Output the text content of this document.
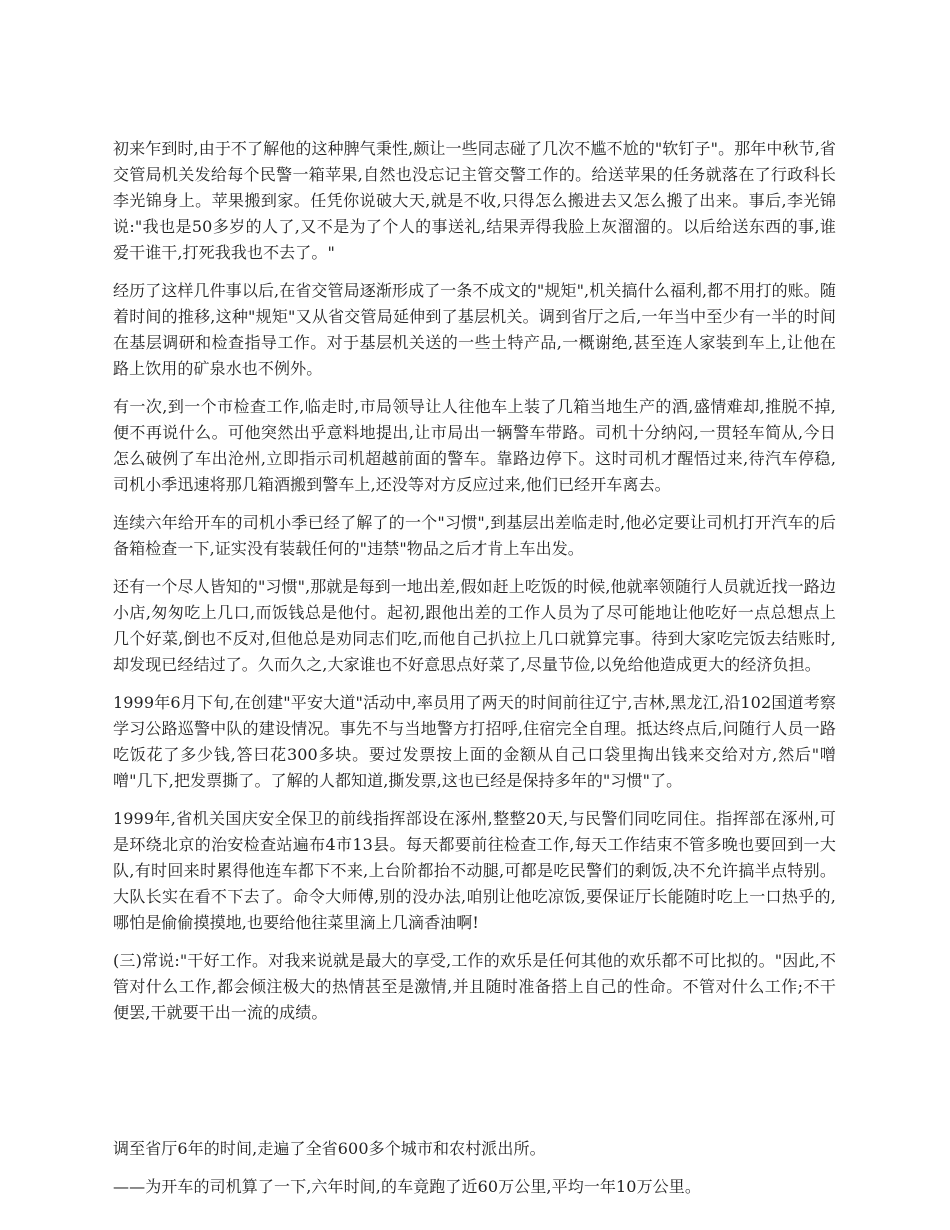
初来乍到时,由于不了解他的这种脾气秉性,颇让一些同志碰了几次不尴不尬的"软钉子"。那年中秋节,省交管局机关发给每个民警一箱苹果,自然也没忘记主管交警工作的。给送苹果的任务就落在了行政科长李光锦身上。苹果搬到家。任凭你说破大天,就是不收,只得怎么搬进去又怎么搬了出来。事后,李光锦说:"我也是50多岁的人了,又不是为了个人的事送礼,结果弄得我脸上灰溜溜的。以后给送东西的事,谁爱干谁干,打死我我也不去了。"

经历了这样几件事以后,在省交管局逐渐形成了一条不成文的"规矩",机关搞什么福利,都不用打的账。随着时间的推移,这种"规矩"又从省交管局延伸到了基层机关。调到省厅之后,一年当中至少有一半的时间在基层调研和检查指导工作。对于基层机关送的一些土特产品,一概谢绝,甚至连人家装到车上,让他在路上饮用的矿泉水也不例外。

有一次,到一个市检查工作,临走时,市局领导让人往他车上装了几箱当地生产的酒,盛情难却,推脱不掉,便不再说什么。可他突然出乎意料地提出,让市局出一辆警车带路。司机十分纳闷,一贯轻车简从,今日怎么破例了车出沧州,立即指示司机超越前面的警车。靠路边停下。这时司机才醒悟过来,待汽车停稳,司机小季迅速将那几箱酒搬到警车上,还没等对方反应过来,他们已经开车离去。

连续六年给开车的司机小季已经了解了的一个"习惯",到基层出差临走时,他必定要让司机打开汽车的后备箱检查一下,证实没有装载任何的"违禁"物品之后才肯上车出发。

还有一个尽人皆知的"习惯",那就是每到一地出差,假如赶上吃饭的时候,他就率领随行人员就近找一路边小店,匆匆吃上几口,而饭钱总是他付。起初,跟他出差的工作人员为了尽可能地让他吃好一点总想点上几个好菜,倒也不反对,但他总是劝同志们吃,而他自己扒拉上几口就算完事。待到大家吃完饭去结账时,却发现已经结过了。久而久之,大家谁也不好意思点好菜了,尽量节俭,以免给他造成更大的经济负担。

1999年6月下旬,在创建"平安大道"活动中,率员用了两天的时间前往辽宁,吉林,黑龙江,沿102国道考察学习公路巡警中队的建设情况。事先不与当地警方打招呼,住宿完全自理。抵达终点后,问随行人员一路吃饭花了多少钱,答曰花300多块。要过发票按上面的金额从自己口袋里掏出钱来交给对方,然后"噌噌"几下,把发票撕了。了解的人都知道,撕发票,这也已经是保持多年的"习惯"了。

1999年,省机关国庆安全保卫的前线指挥部设在涿州,整整20天,与民警们同吃同住。指挥部在涿州,可是环绕北京的治安检查站遍布4市13县。每天都要前往检查工作,每天工作结束不管多晚也要回到一大队,有时回来时累得他连车都下不来,上台阶都抬不动腿,可都是吃民警们的剩饭,决不允许搞半点特别。大队长实在看不下去了。命令大师傅,别的没办法,咱别让他吃凉饭,要保证厅长能随时吃上一口热乎的,哪怕是偷偷摸摸地,也要给他往菜里滴上几滴香油啊!

(三)常说:"干好工作。对我来说就是最大的享受,工作的欢乐是任何其他的欢乐都不可比拟的。"因此,不管对什么工作,都会倾注极大的热情甚至是激情,并且随时准备搭上自己的性命。不管对什么工作;不干便罢,干就要干出一流的成绩。

调至省厅6年的时间,走遍了全省600多个城市和农村派出所。

——为开车的司机算了一下,六年时间,的车竟跑了近60万公里,平均一年10万公里。
